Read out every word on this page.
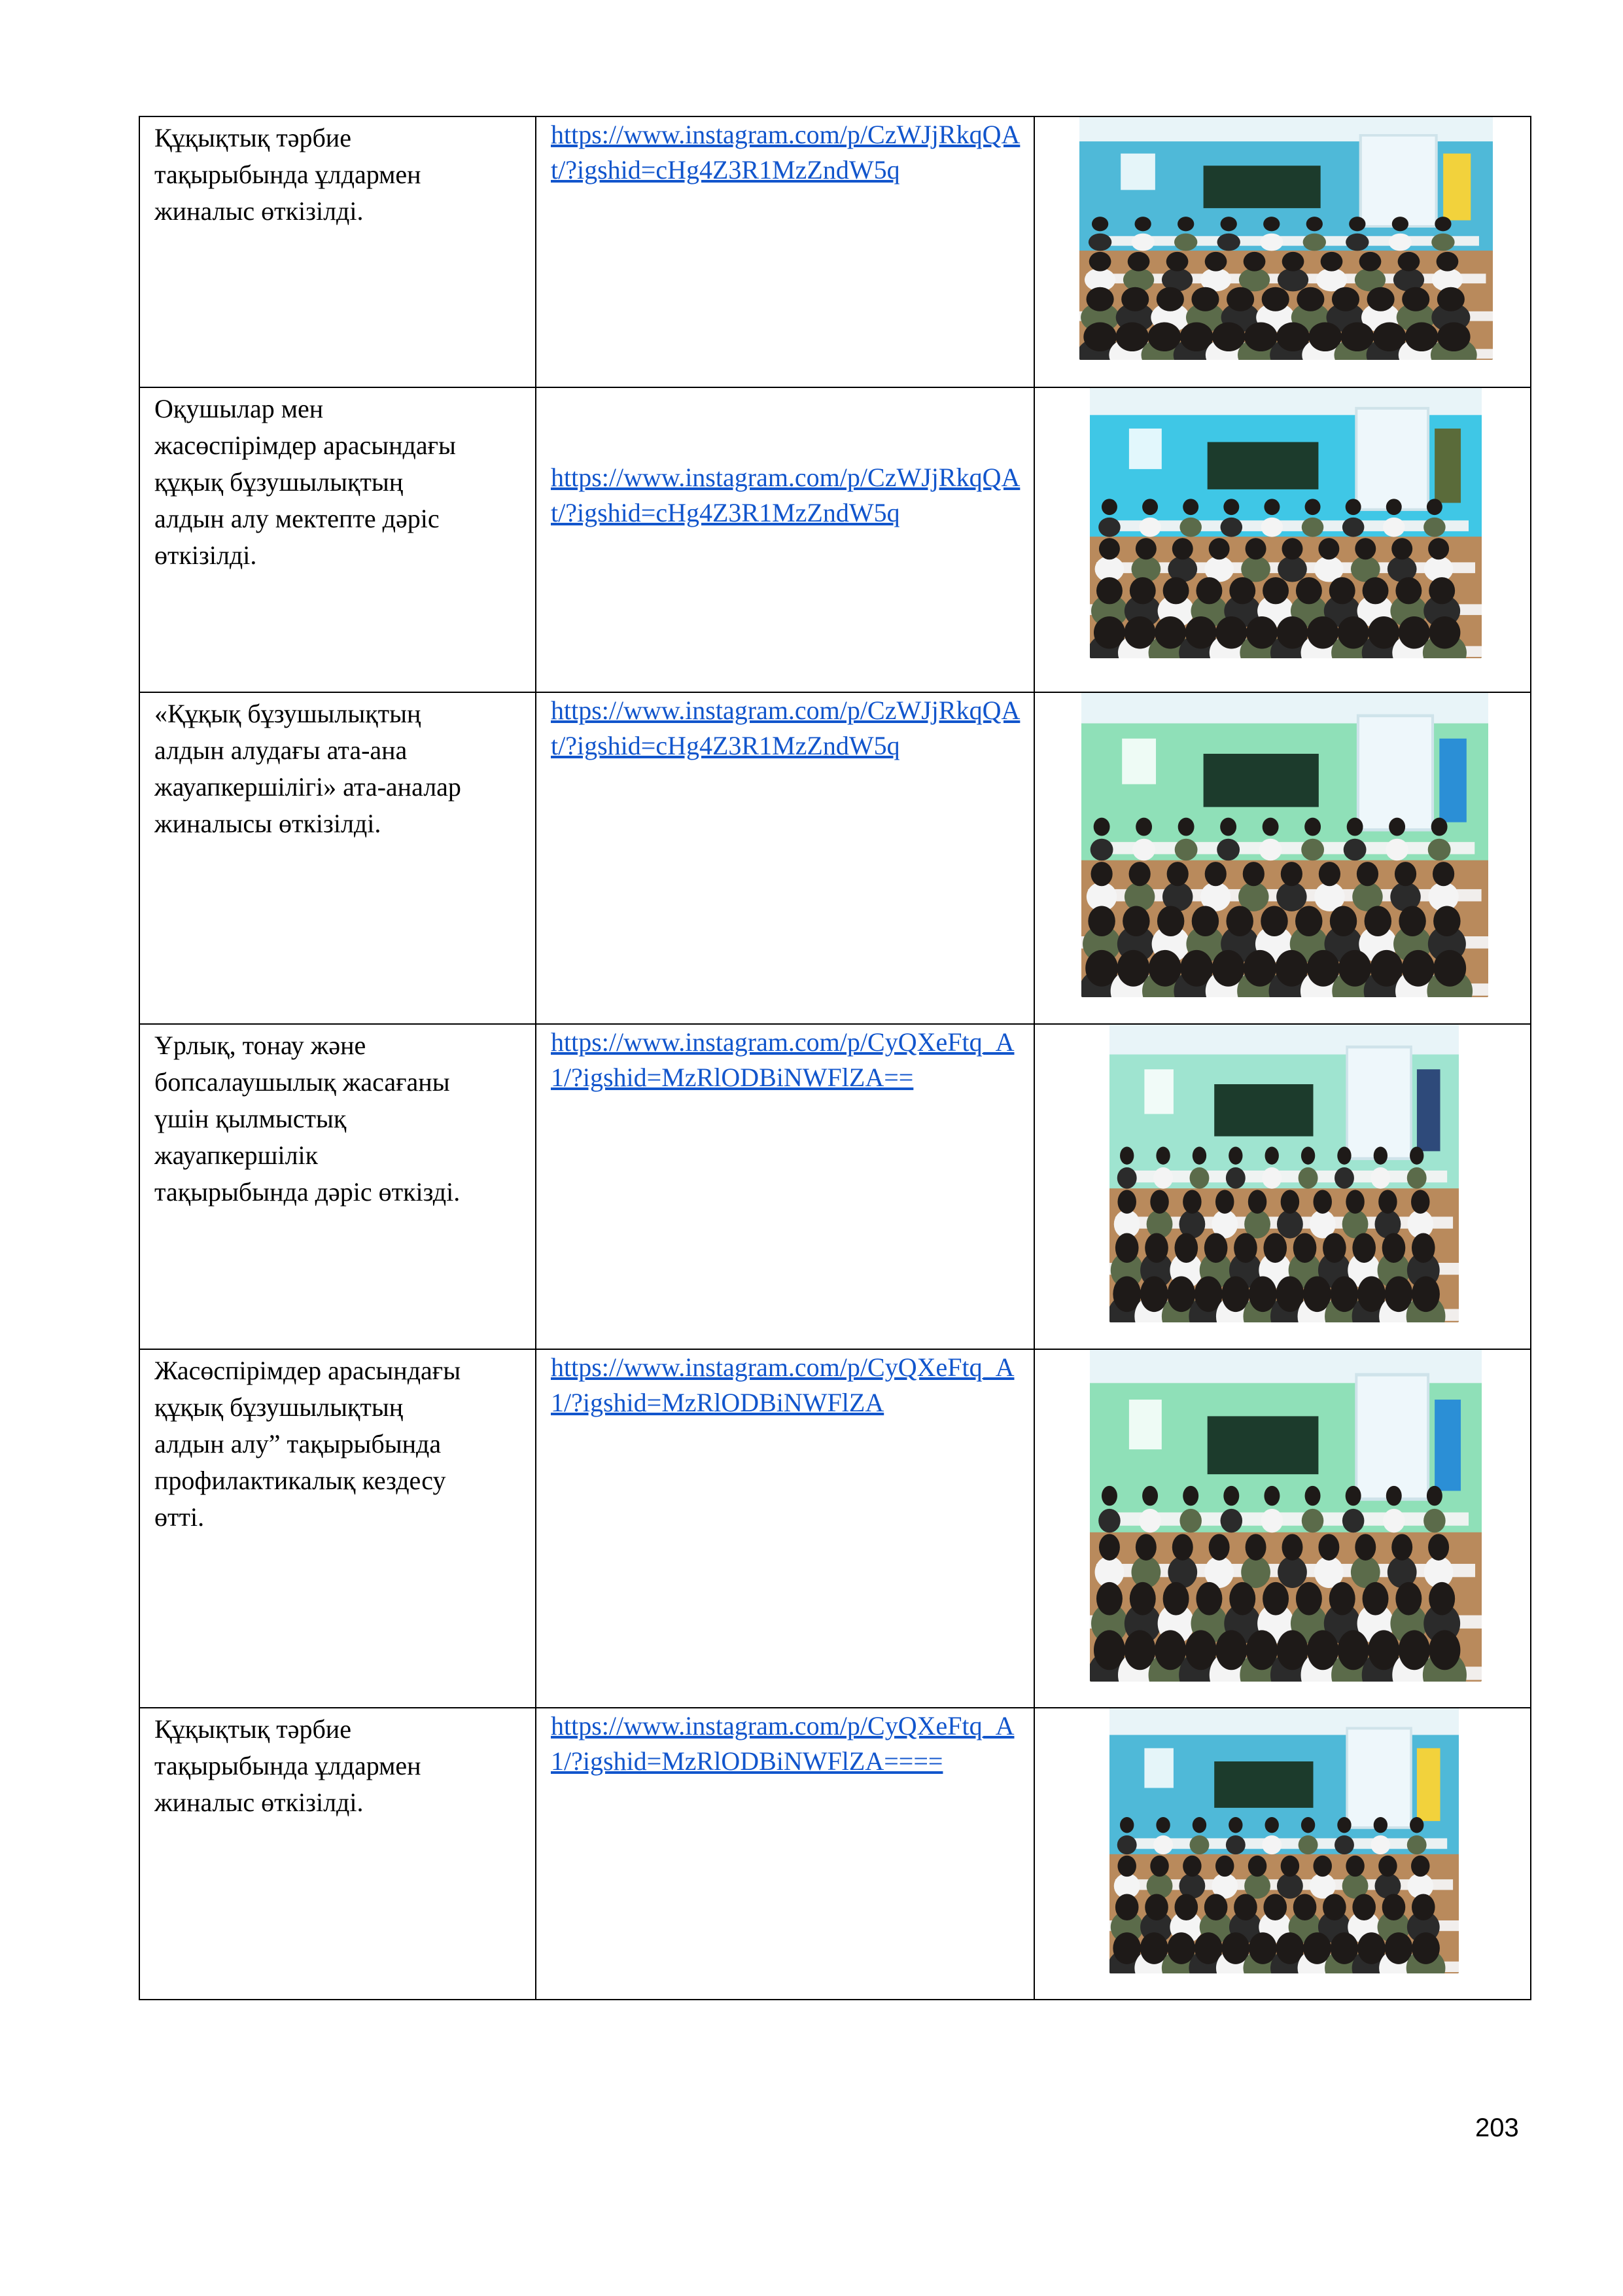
Құқықтық тәрбие
тақырыбында ұлдармен
жиналыс өткізілді.	https://www.instagram.com/p/CzWJjRkqQAt/?igshid=cHg4Z3R1MzZndW5q

Оқушылар мен
жасөспірімдер арасындағы
құқық бұзушылықтың
алдын алу мектепте дәріс
өткізілді.	https://www.instagram.com/p/CzWJjRkqQAt/?igshid=cHg4Z3R1MzZndW5q

«Құқық бұзушылықтың
алдын алудағы ата-ана
жауапкершілігі» ата-аналар
жиналысы өткізілді.	https://www.instagram.com/p/CzWJjRkqQAt/?igshid=cHg4Z3R1MzZndW5q

Ұрлық, тонау және
бопсалаушылық жасағаны
үшін қылмыстық
жауапкершілік
тақырыбында дәріс өткізді.	https://www.instagram.com/p/CyQXeFtq_A1/?igshid=MzRlODBiNWFlZA==

Жасөспірімдер арасындағы
құқық бұзушылықтың
алдын алу” тақырыбында
профилактикалық кездесу
өтті.	https://www.instagram.com/p/CyQXeFtq_A1/?igshid=MzRlODBiNWFlZA

Құқықтық тәрбие
тақырыбында ұлдармен
жиналыс өткізілді.	https://www.instagram.com/p/CyQXeFtq_A1/?igshid=MzRlODBiNWFlZA====

203
